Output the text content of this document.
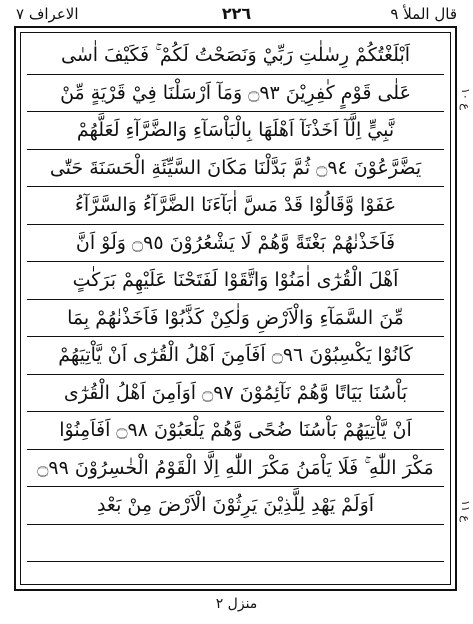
الاعراف ٧	٢٢٦	قال الملأ ٩
اَبْلَغْتُكُمْ رِسٰلٰتِ رَبِّيْ وَنَصَحْتُ لَكُمْ ۚ فَكَيْفَ اٰسٰى
عَلٰى قَوْمٍ كٰفِرِيْنَ ۝٩٣ وَمَآ اَرْسَلْنَا فِيْ قَرْيَةٍ مِّنْ
نَّبِيٍّ اِلَّآ اَخَذْنَآ اَهْلَهَا بِالْبَاْسَآءِ وَالضَّرَّآءِ لَعَلَّهُمْ
يَضَّرَّعُوْنَ ۝٩٤ ثُمَّ بَدَّلْنَا مَكَانَ السَّيِّئَةِ الْحَسَنَةَ حَتّٰى
عَفَوْا وَّقَالُوْا قَدْ مَسَّ اٰبَآءَنَا الضَّرَّآءُ وَالسَّرَّآءُ
فَاَخَذْنٰهُمْ بَغْتَةً وَّهُمْ لَا يَشْعُرُوْنَ ۝٩٥ وَلَوْ اَنَّ
اَهْلَ الْقُرٰٓى اٰمَنُوْا وَاتَّقَوْا لَفَتَحْنَا عَلَيْهِمْ بَرَكٰتٍ
مِّنَ السَّمَآءِ وَالْاَرْضِ وَلٰكِنْ كَذَّبُوْا فَاَخَذْنٰهُمْ بِمَا
كَانُوْا يَكْسِبُوْنَ ۝٩٦ اَفَاَمِنَ اَهْلُ الْقُرٰٓى اَنْ يَّاْتِيَهُمْ
بَاْسُنَا بَيَاتًا وَّهُمْ نَآئِمُوْنَ ۝٩٧ اَوَاَمِنَ اَهْلُ الْقُرٰٓى
اَنْ يَّاْتِيَهُمْ بَاْسُنَا ضُحًى وَّهُمْ يَلْعَبُوْنَ ۝٩٨ اَفَاَمِنُوْا
مَكْرَ اللّٰهِ ۚ فَلَا يَاْمَنُ مَكْرَ اللّٰهِ اِلَّا الْقَوْمُ الْخٰسِرُوْنَ ۝٩٩
اَوَلَمْ يَهْدِ لِلَّذِيْنَ يَرِثُوْنَ الْاَرْضَ مِنْ بَعْدِ
ع ١٠
ع ١١
منزل ٢
